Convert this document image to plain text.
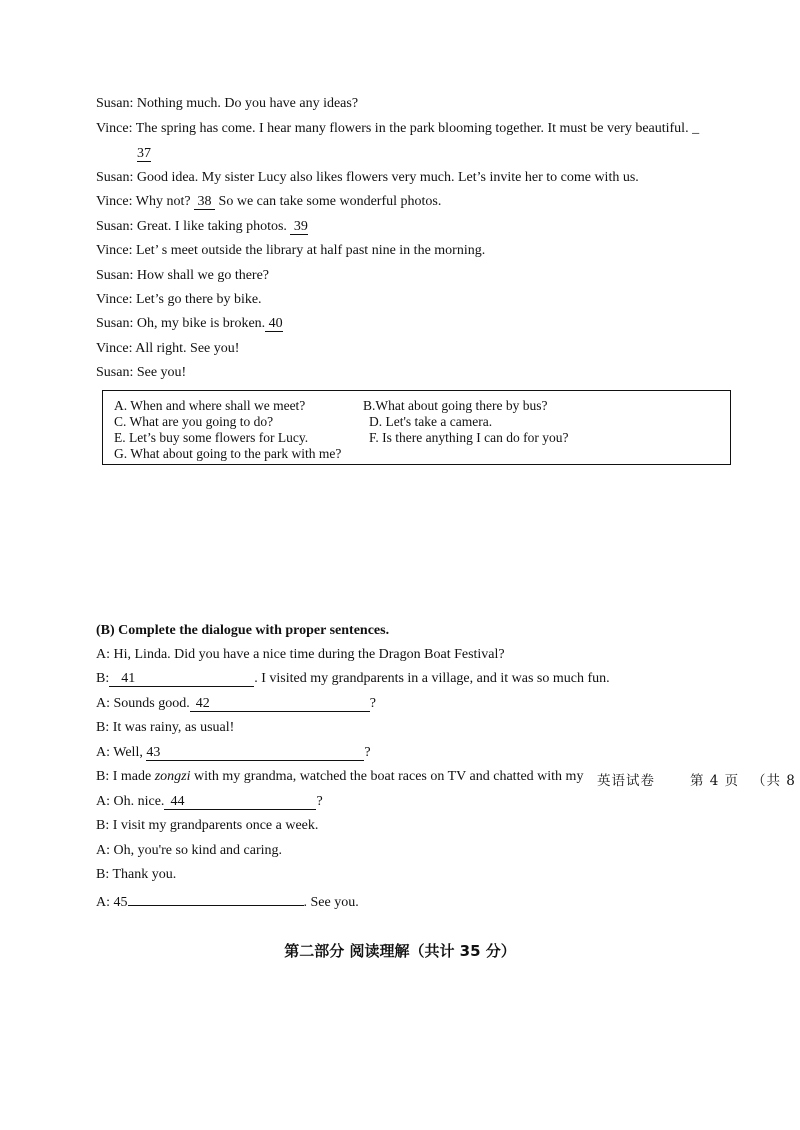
Susan: Nothing much. Do you have any ideas?
Vince: The spring has come. I hear many flowers in the park blooming together. It must be very beautiful. _
37
Susan: Good idea. My sister Lucy also likes flowers very much. Let’s invite her to come with us.
Vince: Why not?  38  So we can take some wonderful photos.
Susan: Great. I like taking photos.  39
Vince: Let’ s meet outside the library at half past nine in the morning.
Susan: How shall we go there?
Vince: Let’s go there by bike.
Susan: Oh, my bike is broken. 40
Vince: All right. See you!
Susan: See you!
A. When and where shall we meet?	B.What about going there by bus?
C. What are you going to do?	D. Let's take a camera.
E. Let’s buy some flowers for Lucy.	F. Is there anything I can do for you?
G. What about going to the park with me?
(B) Complete the dialogue with proper sentences.
A: Hi, Linda. Did you have a nice time during the Dragon Boat Festival?
B: 41	. I visited my grandparents in a village, and it was so much fun.
A: Sounds good. 42	?
B: It was rainy, as usual!
A: Well, 43	?
B: I made zongzi with my grandma, watched the boat races on TV and chatted with my
A: Oh. nice. 44	?
B: I visit my grandparents once a week.
A: Oh, you're so kind and caring.
B: Thank you.
A: 45	. See you.
英语试卷	第 4 页 （共 8
第二部分 阅读理解（共计 35 分）
